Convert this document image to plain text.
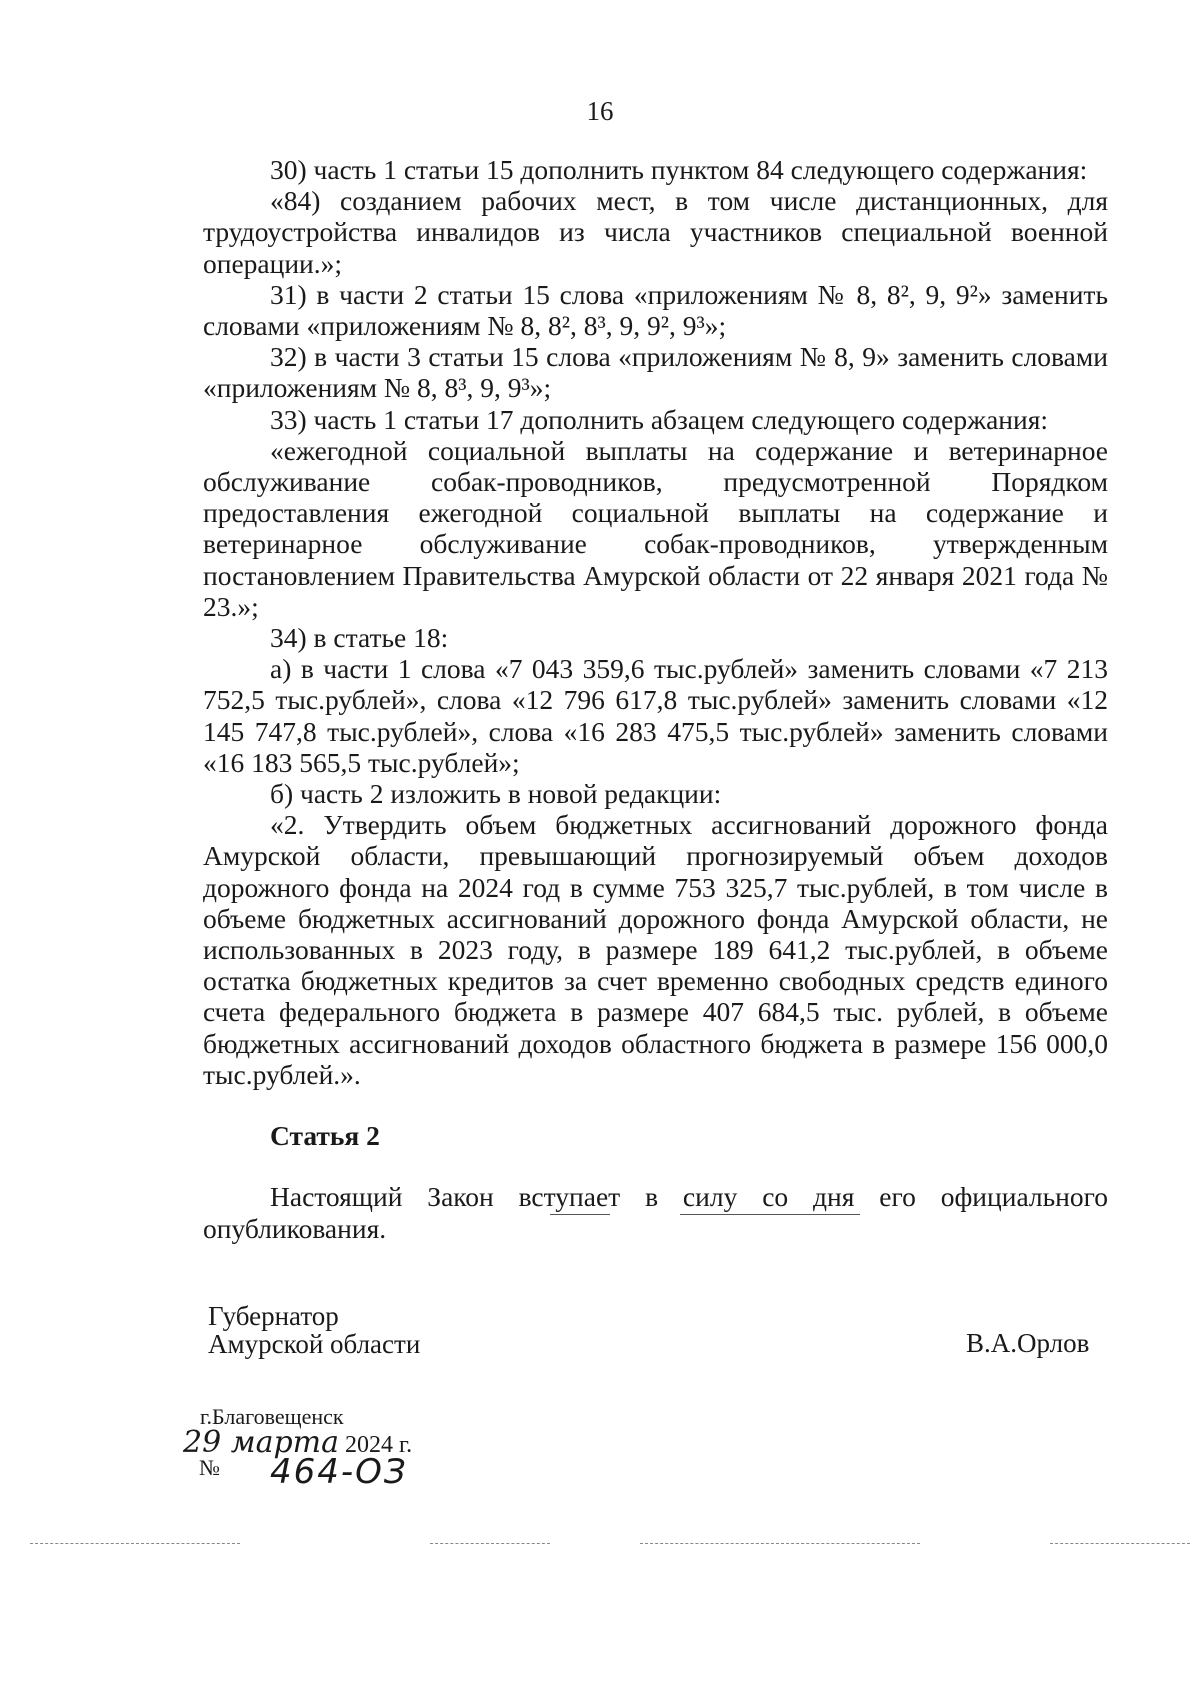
16

30) часть 1 статьи 15 дополнить пунктом 84 следующего содержания:

«84) созданием рабочих мест, в том числе дистанционных, для трудоустройства инвалидов из числа участников специальной военной операции.»;

31) в части 2 статьи 15 слова «приложениям № 8, 8², 9, 9²» заменить словами «приложениям № 8, 8², 8³, 9, 9², 9³»;

32) в части 3 статьи 15 слова «приложениям № 8, 9» заменить словами «приложениям № 8, 8³, 9, 9³»;

33) часть 1 статьи 17 дополнить абзацем следующего содержания:

«ежегодной социальной выплаты на содержание и ветеринарное обслуживание собак-проводников, предусмотренной Порядком предоставления ежегодной социальной выплаты на содержание и ветеринарное обслуживание собак-проводников, утвержденным постановлением Правительства Амурской области от 22 января 2021 года № 23.»;

34) в статье 18:

а) в части 1 слова «7 043 359,6 тыс.рублей» заменить словами «7 213 752,5 тыс.рублей», слова «12 796 617,8 тыс.рублей» заменить словами «12 145 747,8 тыс.рублей», слова «16 283 475,5 тыс.рублей» заменить словами «16 183 565,5 тыс.рублей»;

б) часть 2 изложить в новой редакции:

«2. Утвердить объем бюджетных ассигнований дорожного фонда Амурской области, превышающий прогнозируемый объем доходов дорожного фонда на 2024 год в сумме 753 325,7 тыс.рублей, в том числе в объеме бюджетных ассигнований дорожного фонда Амурской области, не использованных в 2023 году, в размере 189 641,2 тыс.рублей, в объеме остатка бюджетных кредитов за счет временно свободных средств единого счета федерального бюджета в размере 407 684,5 тыс. рублей, в объеме бюджетных ассигнований доходов областного бюджета в размере 156 000,0 тыс.рублей.».

Статья 2

Настоящий Закон вступает в силу со дня его официального опубликования.

Губернатор
Амурской области	В.А.Орлов
г.Благовещенск
29 марта 2024 г.
№ 464-ОЗ
